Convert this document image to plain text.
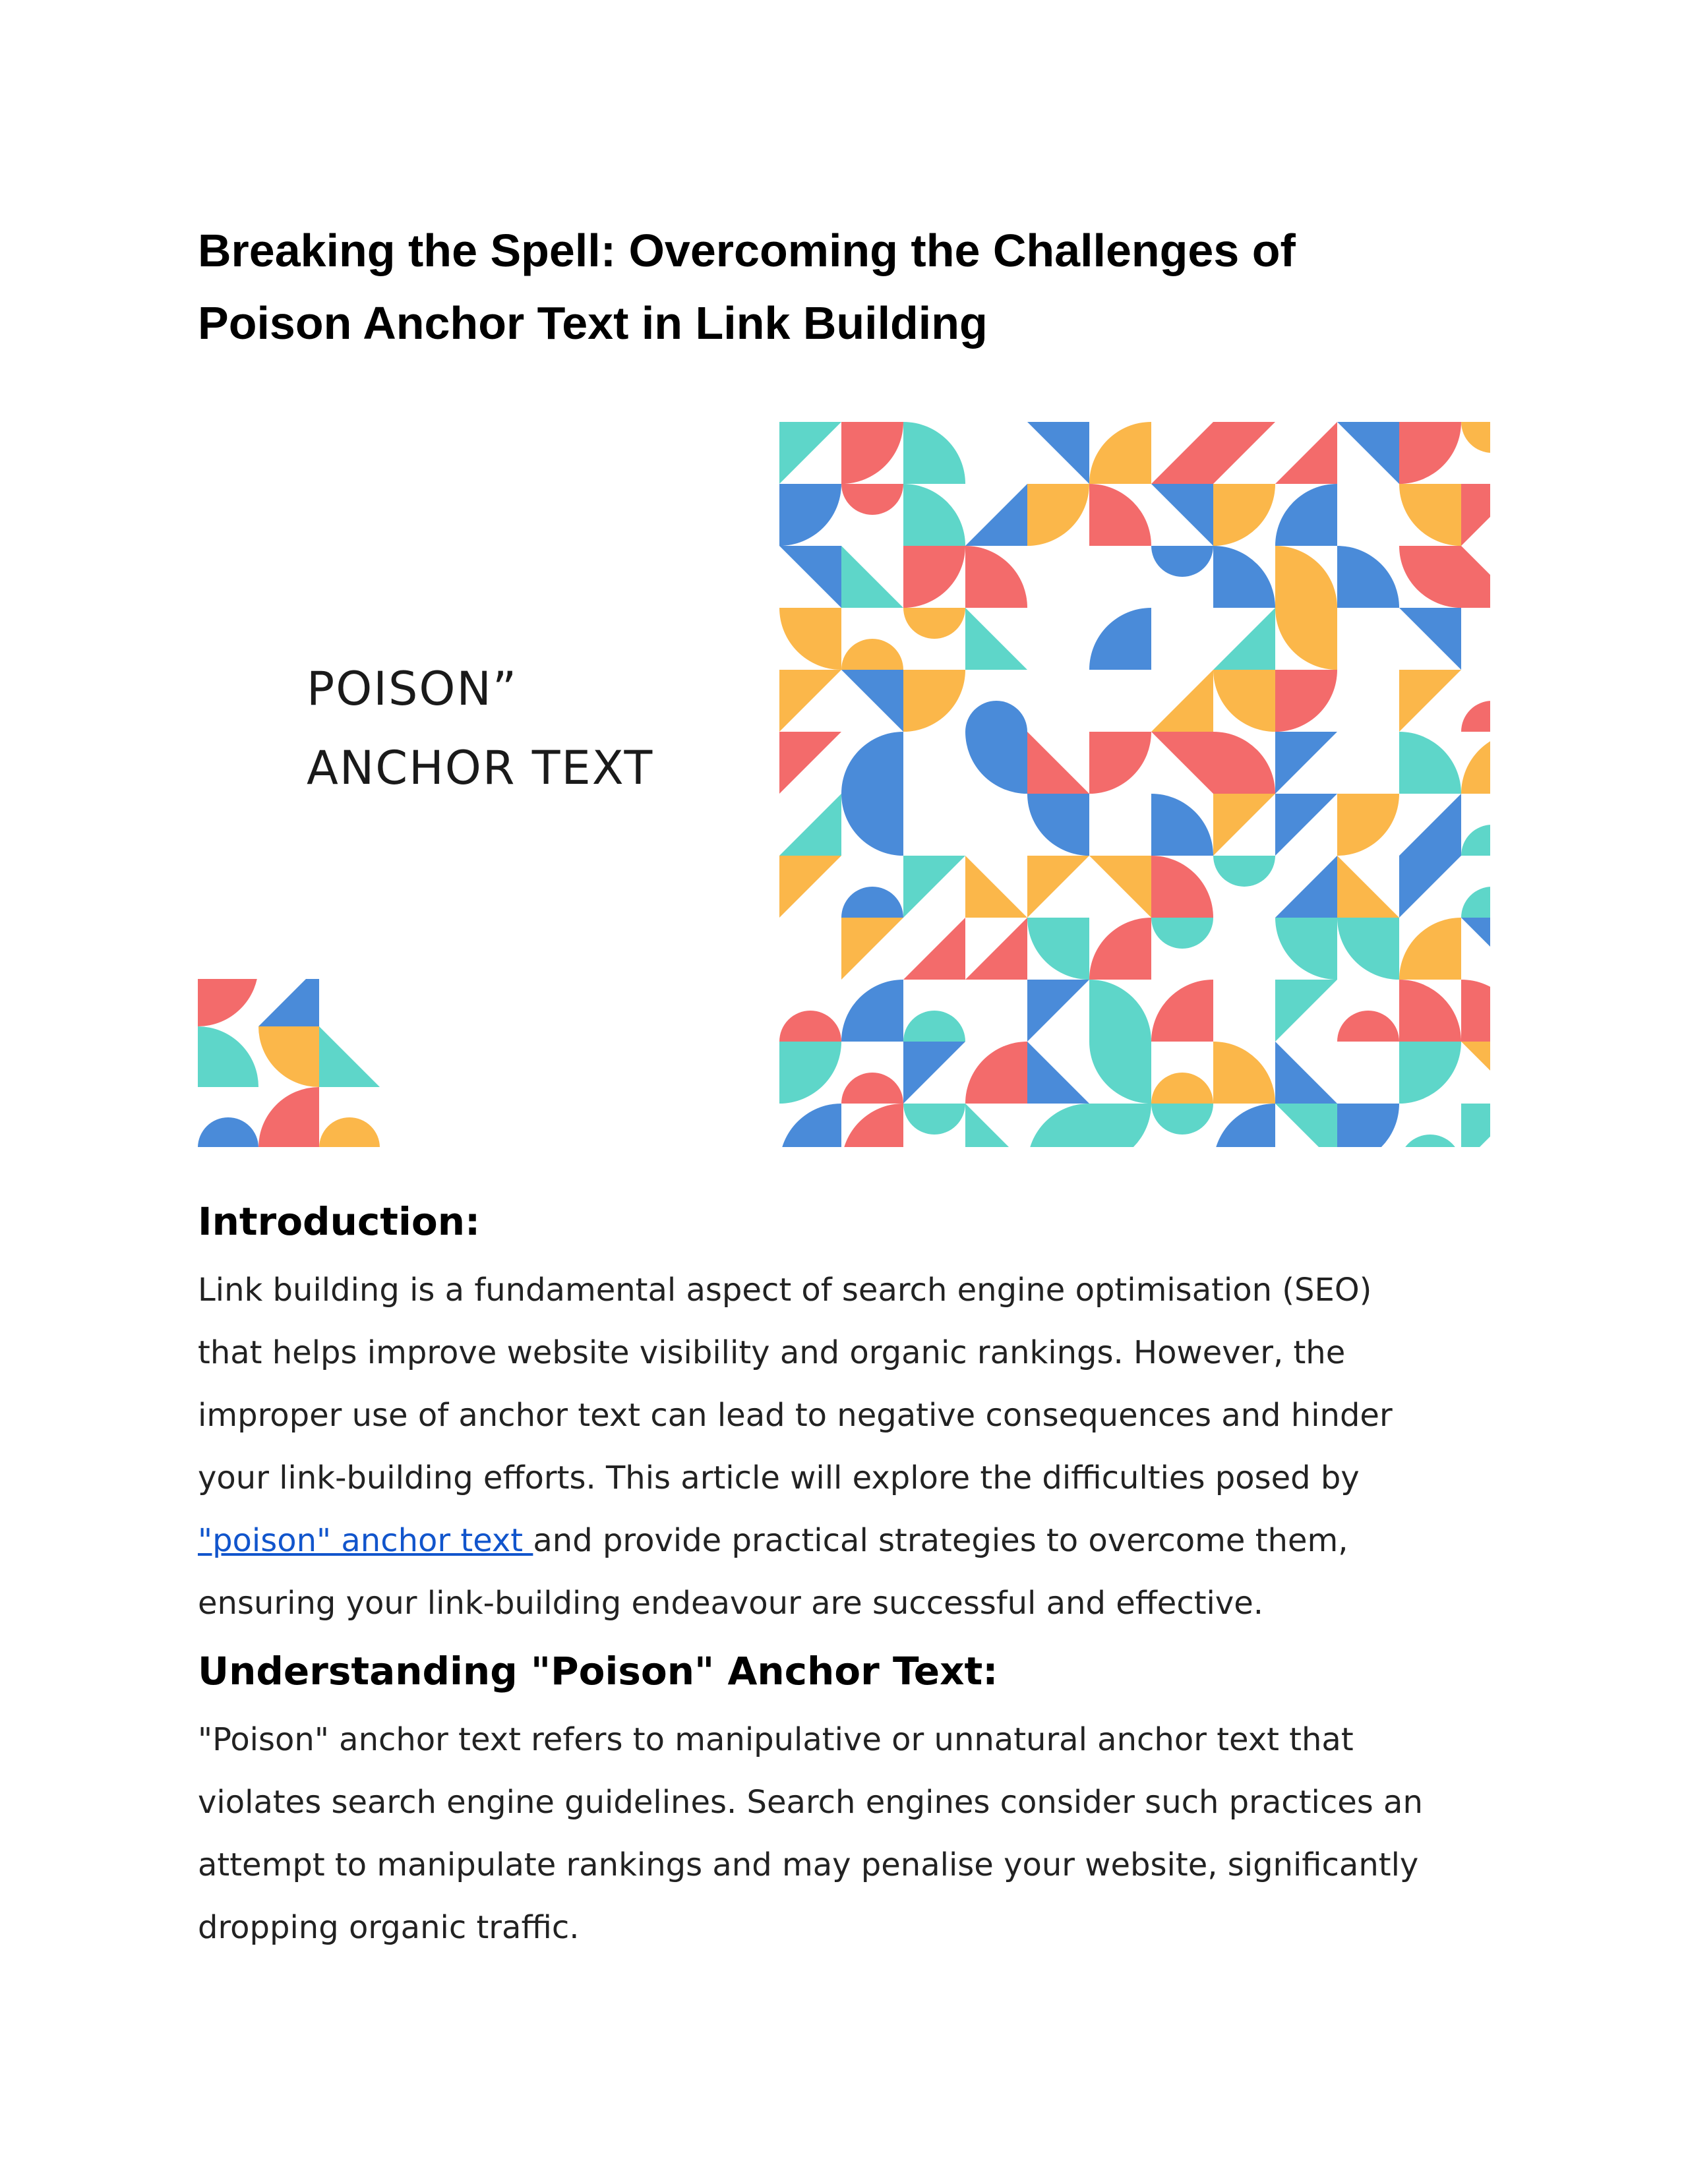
Breaking the Spell: Overcoming the Challenges of
Poison Anchor Text in Link Building
POISON”
ANCHOR TEXT
Introduction:
Link building is a fundamental aspect of search engine optimisation (SEO)
that helps improve website visibility and organic rankings. However, the
improper use of anchor text can lead to negative consequences and hinder
your link-building efforts. This article will explore the difficulties posed by
"poison" anchor text and provide practical strategies to overcome them,
ensuring your link-building endeavour are successful and effective.
Understanding "Poison" Anchor Text:
"Poison" anchor text refers to manipulative or unnatural anchor text that
violates search engine guidelines. Search engines consider such practices an
attempt to manipulate rankings and may penalise your website, significantly
dropping organic traffic.
